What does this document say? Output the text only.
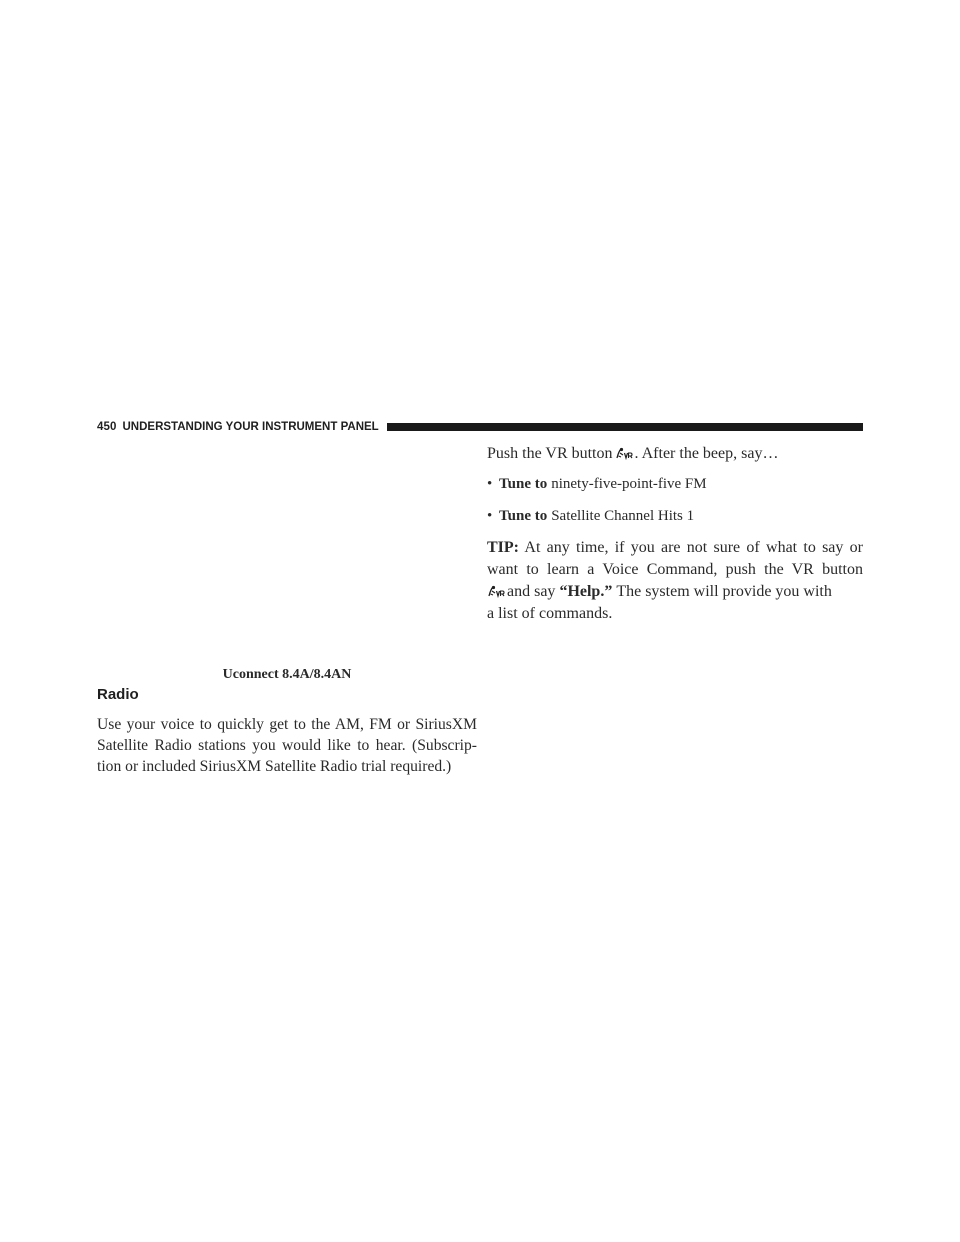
450 UNDERSTANDING YOUR INSTRUMENT PANEL
Uconnect 8.4A/8.4AN
Radio
Use your voice to quickly get to the AM, FM or SiriusXM
Satellite Radio stations you would like to hear. (Subscrip-
tion or included SiriusXM Satellite Radio trial required.)
Push the VR button . After the beep, say…
• Tune to ninety-five-point-five FM
• Tune to Satellite Channel Hits 1
TIP: At any time, if you are not sure of what to say or
want to learn a Voice Command, push the VR button
and say
“Help.”
The system will provide you with
a list of commands.
